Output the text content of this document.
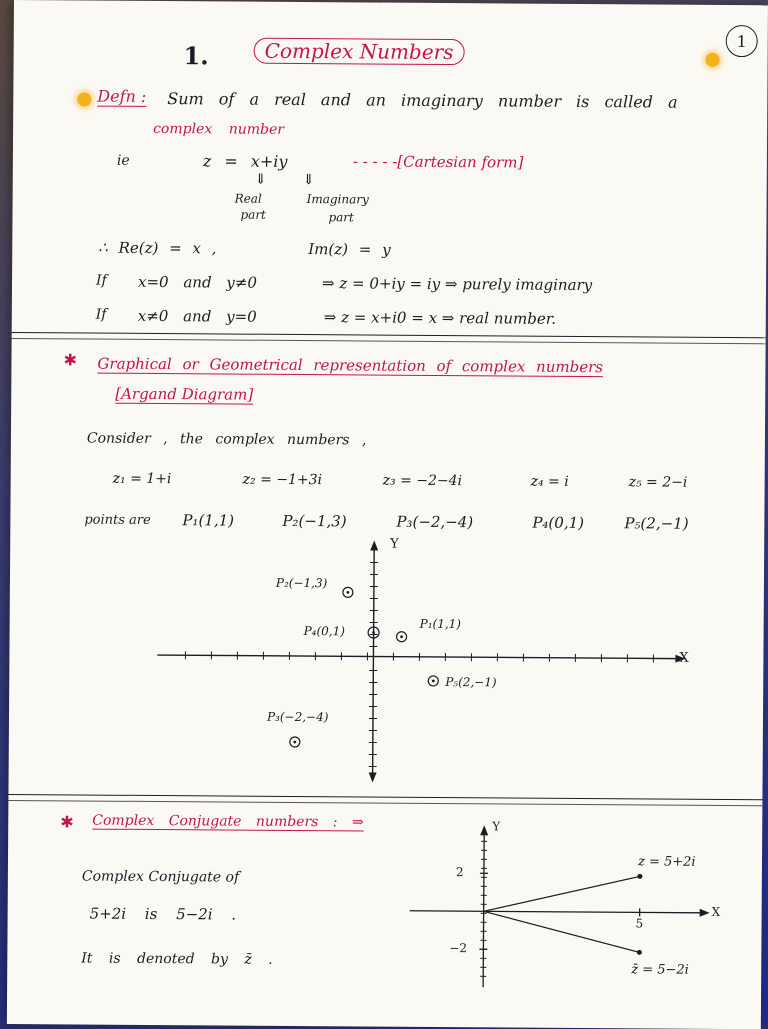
1.	Complex Numbers	1
Defn : Sum of a real and an imaginary number is called a
complex number
ie	z = x+iy	- - - - -[Cartesian form]
⇓	⇓
Real
part
Imaginary
part
∴ Re(z) = x ,	Im(z) = y
If x=0 and y≠0	⇒ z = 0+iy = iy ⇒ purely imaginary
If x≠0 and y=0	⇒ z = x+i0 = x ⇒ real number.
✱ Graphical or Geometrical representation of complex numbers
[Argand Diagram]
Consider , the complex numbers ,
z₁ = 1+i	z₂ = −1+3i	z₃ = −2−4i	z₄ = i	z₅ = 2−i
points are P₁(1,1)	P₂(−1,3)	P₃(−2,−4)	P₄(0,1)	P₅(2,−1)
X
Y
P₂(−1,3)
P₄(0,1)
P₁(1,1)
P₅(2,−1)
P₃(−2,−4)
✱ Complex Conjugate numbers : ⇒
Complex Conjugate of
5+2i is 5−2i .
It is denoted by z̄ .
Y
X
2
−2
5
z = 5+2i
z̄ = 5−2i
